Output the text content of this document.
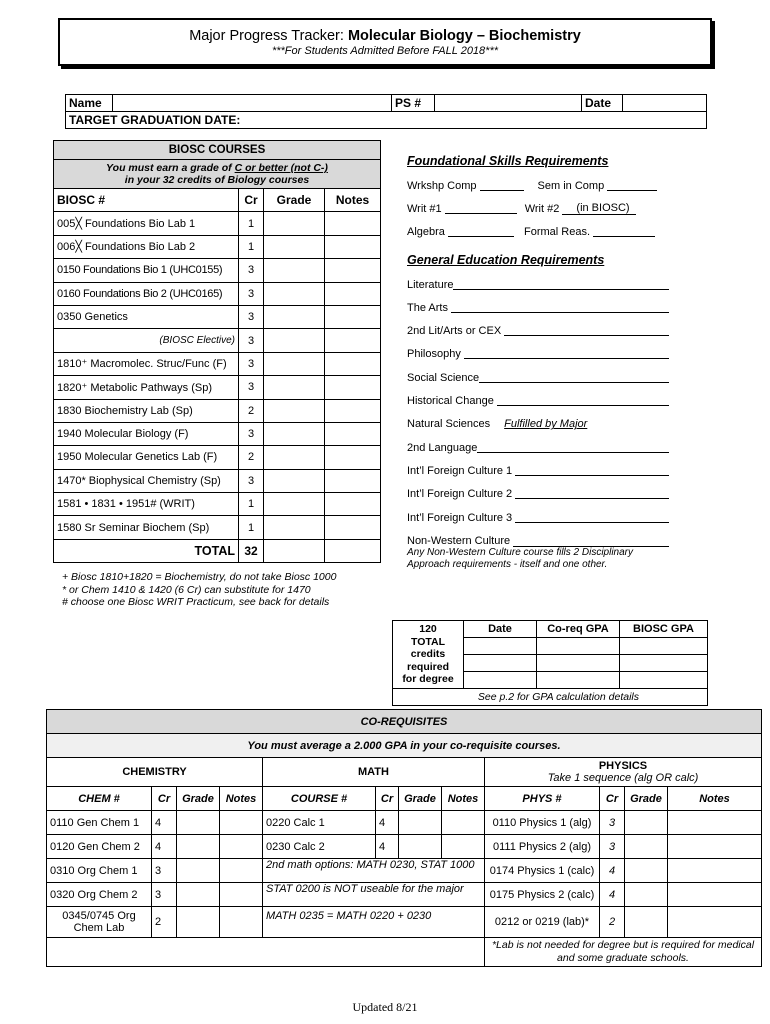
Major Progress Tracker: Molecular Biology – Biochemistry
***For Students Admitted Before FALL 2018***
Name		PS #		Date	
TARGET GRADUATION DATE:
BIOSC COURSES			
You must earn a grade of C or better (not C-)
in your 32 credits of Biology courses			
BIOSC #	Cr	Grade	Notes
005╳ Foundations Bio Lab 1	1		
006╳ Foundations Bio Lab 2	1		
0150 Foundations Bio 1 (UHC0155)	3		
0160 Foundations Bio 2 (UHC0165)	3		
0350 Genetics	3		
(BIOSC Elective)	3		
1810⁺ Macromolec. Struc/Func (F)	3		
1820⁺ Metabolic Pathways (Sp)	3		
1830 Biochemistry Lab (Sp)	2		
1940 Molecular Biology (F)	3		
1950 Molecular Genetics Lab (F)	2		
1470* Biophysical Chemistry (Sp)	3		
1581 • 1831 • 1951# (WRIT)	1		
1580 Sr Seminar Biochem (Sp)	1		
TOTAL	32		
+ Biosc 1810+1820 = Biochemistry, do not take Biosc 1000
* or Chem 1410 & 1420 (6 Cr) can substitute for 1470
# choose one Biosc WRIT Practicum, see back for details
Foundational Skills Requirements
Wrkshp Comp
	Sem in Comp

Writ #1
	Writ #2
	(in BIOSC)
Algebra
	Formal Reas.

General Education Requirements
Literature
The Arts

2nd Lit/Arts or CEX

Philosophy

Social Science
Historical Change

Natural Sciences Fulfilled by Major
2nd Language
Int’l Foreign Culture 1

Int’l Foreign Culture 2

Int’l Foreign Culture 3

Non-Western Culture

Any Non-Western Culture course fills 2 Disciplinary Approach requirements - itself and one other.
120
TOTAL
credits
required
for degree	Date	Co-req GPA	BIOSC GPA

See p.2 for GPA calculation details			
CO-REQUISITES											
You must average a 2.000 GPA in your co-requisite courses.											
CHEMISTRY				MATH				PHYSICS
Take 1 sequence (alg OR calc)			

CHEM #	Cr	Grade	Notes	COURSE #	Cr	Grade	Notes	PHYS #	Cr	Grade	Notes
0110 Gen Chem 1	4			0220 Calc 1	4			0110 Physics 1 (alg)	3		
0120 Gen Chem 2	4			0230 Calc 2	4			0111 Physics 2 (alg)	3		
0310 Org Chem 1	3			2nd math options: MATH 0230, STAT 1000				0174 Physics 1 (calc)	4		
0320 Org Chem 2	3			STAT 0200 is NOT useable for the major				0175 Physics 2 (calc)	4		
0345/0745 Org Chem Lab	2			MATH 0235 = MATH 0220 + 0230				0212 or 0219 (lab)*	2		
								*Lab is not needed for degree but is required for medical and some graduate schools.			
Updated 8/21
